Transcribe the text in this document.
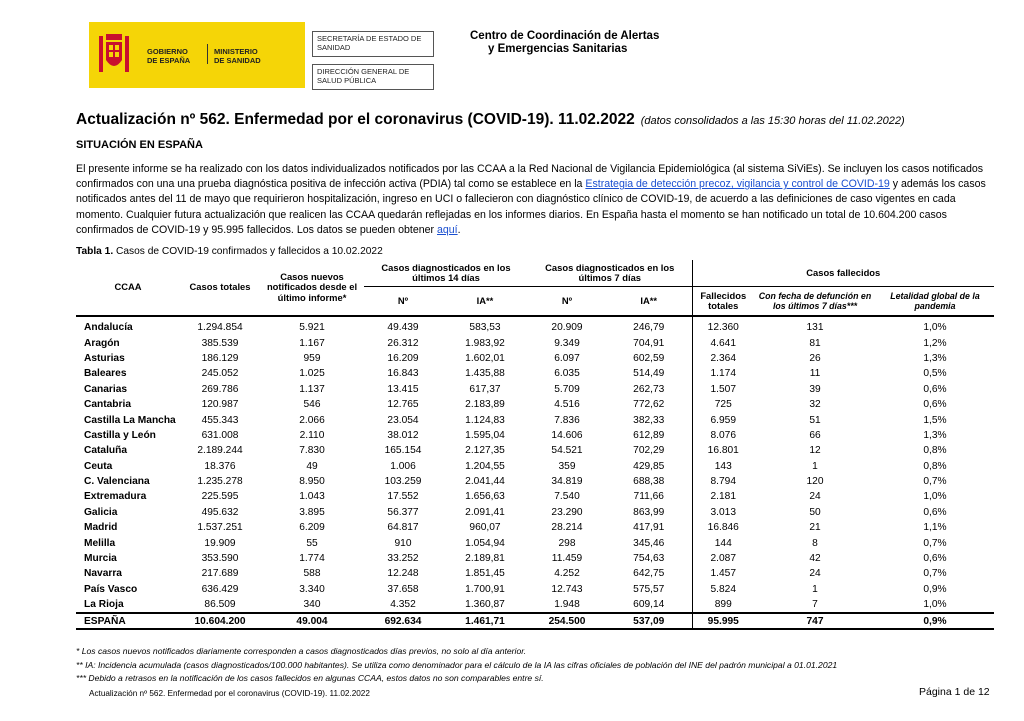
GOBIERNO
DE ESPAÑA
MINISTERIO
DE SANIDAD
SECRETARÍA DE ESTADO DE SANIDAD
DIRECCIÓN GENERAL DE SALUD PÚBLICA
Centro de Coordinación de Alertas
y Emergencias Sanitarias
Actualización nº 562. Enfermedad por el coronavirus (COVID-19). 11.02.2022 (datos consolidados a las 15:30 horas del 11.02.2022)
SITUACIÓN EN ESPAÑA
El presente informe se ha realizado con los datos individualizados notificados por las CCAA a la Red Nacional de Vigilancia Epidemiológica (al sistema SiViEs). Se incluyen los casos notificados confirmados con una una prueba diagnóstica positiva de infección activa (PDIA) tal como se establece en la Estrategia de detección precoz, vigilancia y control de COVID-19 y además los casos notificados antes del 11 de mayo que requirieron hospitalización, ingreso en UCI o fallecieron con diagnóstico clínico de COVID-19, de acuerdo a las definiciones de caso vigentes en cada momento. Cualquier futura actualización que realicen las CCAA quedarán reflejadas en los informes diarios. En España hasta el momento se han notificado un total de 10.604.200 casos confirmados de COVID-19 y 95.995 fallecidos. Los datos se pueden obtener aquí.
Tabla 1. Casos de COVID-19 confirmados y fallecidos a 10.02.2022
CCAA	Casos totales	Casos nuevos notificados desde el último informe*	Casos diagnosticados en los últimos 14 días		Casos diagnosticados en los últimos 7 días		Casos fallecidos		
			Nº	IA**	Nº	IA**	Fallecidos totales	Con fecha de defunción en los últimos 7 días***	Letalidad global de la pandemia
Andalucía	1.294.854	5.921	49.439	583,53	20.909	246,79	12.360	131	1,0%
Aragón	385.539	1.167	26.312	1.983,92	9.349	704,91	4.641	81	1,2%
Asturias	186.129	959	16.209	1.602,01	6.097	602,59	2.364	26	1,3%
Baleares	245.052	1.025	16.843	1.435,88	6.035	514,49	1.174	11	0,5%
Canarias	269.786	1.137	13.415	617,37	5.709	262,73	1.507	39	0,6%
Cantabria	120.987	546	12.765	2.183,89	4.516	772,62	725	32	0,6%
Castilla La Mancha	455.343	2.066	23.054	1.124,83	7.836	382,33	6.959	51	1,5%
Castilla y León	631.008	2.110	38.012	1.595,04	14.606	612,89	8.076	66	1,3%
Cataluña	2.189.244	7.830	165.154	2.127,35	54.521	702,29	16.801	12	0,8%
Ceuta	18.376	49	1.006	1.204,55	359	429,85	143	1	0,8%
C. Valenciana	1.235.278	8.950	103.259	2.041,44	34.819	688,38	8.794	120	0,7%
Extremadura	225.595	1.043	17.552	1.656,63	7.540	711,66	2.181	24	1,0%
Galicia	495.632	3.895	56.377	2.091,41	23.290	863,99	3.013	50	0,6%
Madrid	1.537.251	6.209	64.817	960,07	28.214	417,91	16.846	21	1,1%
Melilla	19.909	55	910	1.054,94	298	345,46	144	8	0,7%
Murcia	353.590	1.774	33.252	2.189,81	11.459	754,63	2.087	42	0,6%
Navarra	217.689	588	12.248	1.851,45	4.252	642,75	1.457	24	0,7%
País Vasco	636.429	3.340	37.658	1.700,91	12.743	575,57	5.824	1	0,9%
La Rioja	86.509	340	4.352	1.360,87	1.948	609,14	899	7	1,0%
ESPAÑA	10.604.200	49.004	692.634	1.461,71	254.500	537,09	95.995	747	0,9%
* Los casos nuevos notificados diariamente corresponden a casos diagnosticados días previos, no solo al día anterior.
** IA: Incidencia acumulada (casos diagnosticados/100.000 habitantes). Se utiliza como denominador para el cálculo de la IA las cifras oficiales de población del INE del padrón municipal a 01.01.2021
*** Debido a retrasos en la notificación de los casos fallecidos en algunas CCAA, estos datos no son comparables entre sí.
Actualización nº 562. Enfermedad por el coronavirus (COVID-19). 11.02.2022	Página 1 de 12
